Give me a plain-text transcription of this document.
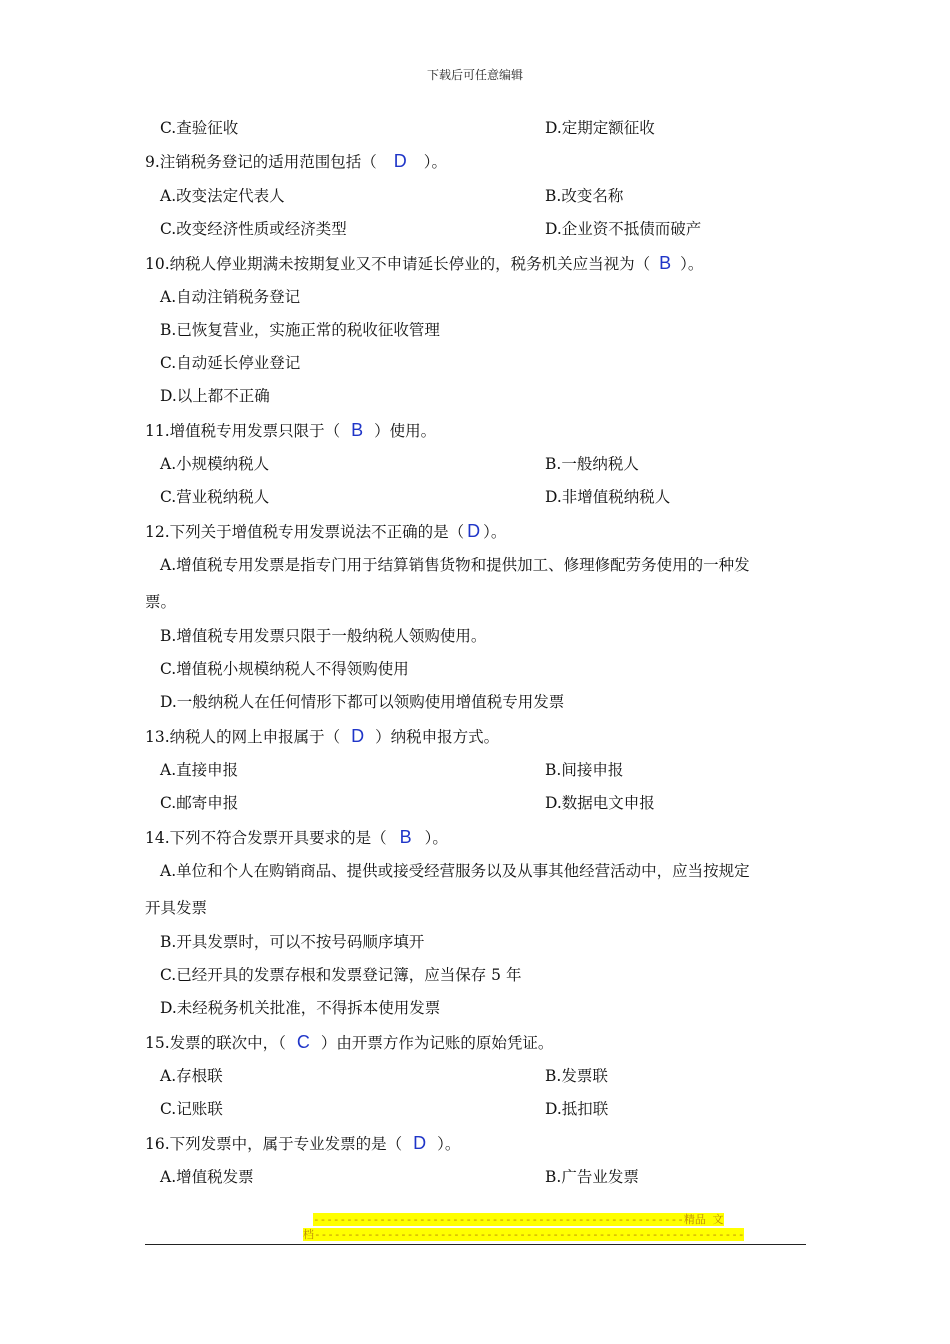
下载后可任意编辑
C.查验征收	D.定期定额征收
9.注销税务登记的适用范围包括（ D ）。
A.改变法定代表人	B.改变名称
C.改变经济性质或经济类型	D.企业资不抵债而破产
10.纳税人停业期满未按期复业又不申请延长停业的，税务机关应当视为（ B ）。
A.自动注销税务登记
B.已恢复营业，实施正常的税收征收管理
C.自动延长停业登记
D.以上都不正确
11.增值税专用发票只限于（ B ）使用。
A.小规模纳税人	B.一般纳税人
C.营业税纳税人	D.非增值税纳税人
12.下列关于增值税专用发票说法不正确的是（ D ）。
A.增值税专用发票是指专门用于结算销售货物和提供加工、修理修配劳务使用的一种发
票。
B.增值税专用发票只限于一般纳税人领购使用。
C.增值税小规模纳税人不得领购使用
D.一般纳税人在任何情形下都可以领购使用增值税专用发票
13.纳税人的网上申报属于（ D ）纳税申报方式。
A.直接申报	B.间接申报
C.邮寄申报	D.数据电文申报
14.下列不符合发票开具要求的是（ B ）。
A.单位和个人在购销商品、提供或接受经营服务以及从事其他经营活动中，应当按规定
开具发票
B.开具发票时，可以不按号码顺序填开
C.已经开具的发票存根和发票登记簿，应当保存 5 年
D.未经税务机关批准，不得拆本使用发票
15.发票的联次中，（ C ）由开票方作为记账的原始凭证。
A.存根联	B.发票联
C.记账联	D.抵扣联
16.下列发票中，属于专业发票的是（ D ）。
A.增值税发票	B.广告业发票
--------------------------------------------------------精品 文
档-----------------------------------------------------------------
